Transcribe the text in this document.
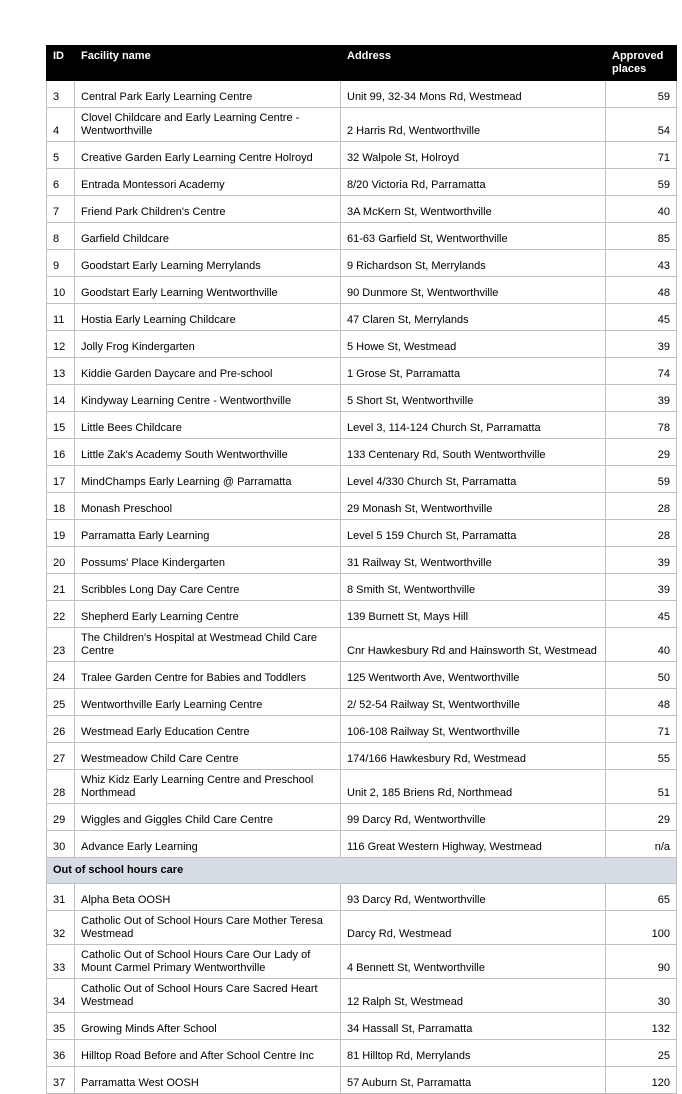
ID	Facility name	Address	Approved places
3	Central Park Early Learning Centre	Unit 99, 32-34 Mons Rd, Westmead	59
4	Clovel Childcare and Early Learning Centre - Wentworthville	2 Harris Rd, Wentworthville	54
5	Creative Garden Early Learning Centre Holroyd	32 Walpole St, Holroyd	71
6	Entrada Montessori Academy	8/20 Victoria Rd, Parramatta	59
7	Friend Park Children's Centre	3A McKern St, Wentworthville	40
8	Garfield Childcare	61-63 Garfield St, Wentworthville	85
9	Goodstart Early Learning Merrylands	9 Richardson St, Merrylands	43
10	Goodstart Early Learning Wentworthville	90 Dunmore St, Wentworthville	48
11	Hostia Early Learning Childcare	47 Claren St, Merrylands	45
12	Jolly Frog Kindergarten	5 Howe St, Westmead	39
13	Kiddie Garden Daycare and Pre-school	1 Grose St, Parramatta	74
14	Kindyway Learning Centre - Wentworthville	5 Short St, Wentworthville	39
15	Little Bees Childcare	Level 3, 114-124 Church St, Parramatta	78
16	Little Zak's Academy South Wentworthville	133 Centenary Rd, South Wentworthville	29
17	MindChamps Early Learning @ Parramatta	Level 4/330 Church St, Parramatta	59
18	Monash Preschool	29 Monash St, Wentworthville	28
19	Parramatta Early Learning	Level 5 159 Church St, Parramatta	28
20	Possums' Place Kindergarten	31 Railway St, Wentworthville	39
21	Scribbles Long Day Care Centre	8 Smith St, Wentworthville	39
22	Shepherd Early Learning Centre	139 Burnett St, Mays Hill	45
23	The Children's Hospital at Westmead Child Care Centre	Cnr Hawkesbury Rd and Hainsworth St, Westmead	40
24	Tralee Garden Centre for Babies and Toddlers	125 Wentworth Ave, Wentworthville	50
25	Wentworthville Early Learning Centre	2/ 52-54 Railway St, Wentworthville	48
26	Westmead Early Education Centre	106-108 Railway St, Wentworthville	71
27	Westmeadow Child Care Centre	174/166 Hawkesbury Rd, Westmead	55
28	Whiz Kidz Early Learning Centre and Preschool Northmead	Unit 2, 185 Briens Rd, Northmead	51
29	Wiggles and Giggles Child Care Centre	99 Darcy Rd, Wentworthville	29
30	Advance Early Learning	116 Great Western Highway, Westmead	n/a
Out of school hours care			
31	Alpha Beta OOSH	93 Darcy Rd, Wentworthville	65
32	Catholic Out of School Hours Care Mother Teresa Westmead	Darcy Rd, Westmead	100
33	Catholic Out of School Hours Care Our Lady of Mount Carmel Primary Wentworthville	4 Bennett St, Wentworthville	90
34	Catholic Out of School Hours Care Sacred Heart Westmead	12 Ralph St, Westmead	30
35	Growing Minds After School	34 Hassall St, Parramatta	132
36	Hilltop Road Before and After School Centre Inc	81 Hilltop Rd, Merrylands	25
37	Parramatta West OOSH	57 Auburn St, Parramatta	120
